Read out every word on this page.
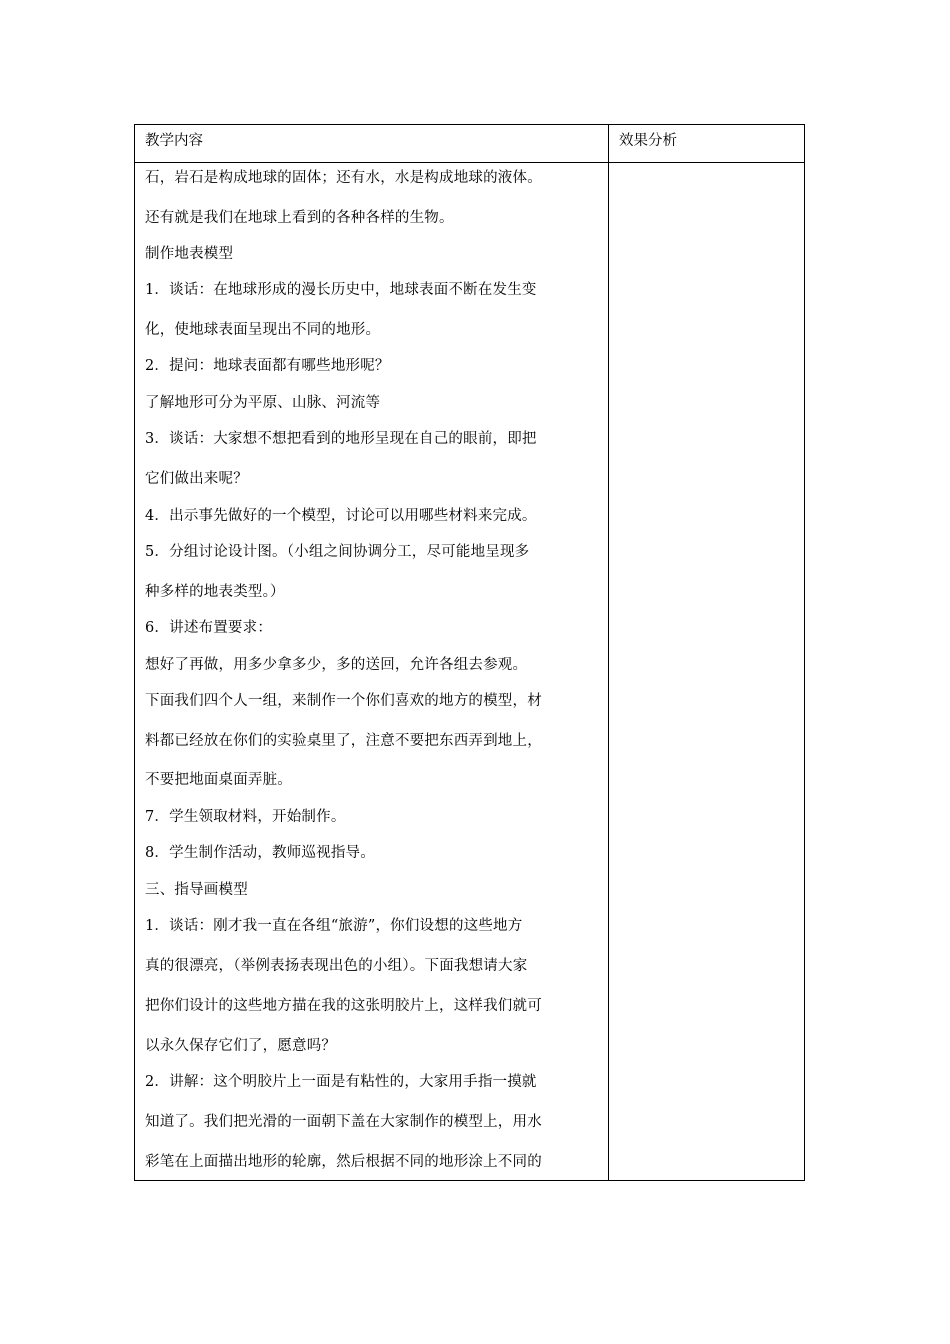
教学内容	效果分析
石，岩石是构成地球的固体；还有水，水是构成地球的液体。
还有就是我们在地球上看到的各种各样的生物。
制作地表模型
1．谈话：在地球形成的漫长历史中，地球表面不断在发生变
化，使地球表面呈现出不同的地形。
2．提问：地球表面都有哪些地形呢？
了解地形可分为平原、山脉、河流等
3．谈话：大家想不想把看到的地形呈现在自己的眼前，即把
它们做出来呢？
4．出示事先做好的一个模型，讨论可以用哪些材料来完成。
5．分组讨论设计图。（小组之间协调分工，尽可能地呈现多
种多样的地表类型。）
6．讲述布置要求：
想好了再做，用多少拿多少，多的送回，允许各组去参观。
下面我们四个人一组，来制作一个你们喜欢的地方的模型，材
料都已经放在你们的实验桌里了，注意不要把东西弄到地上，
不要把地面桌面弄脏。
7．学生领取材料，开始制作。
8．学生制作活动，教师巡视指导。
三、指导画模型
1．谈话：刚才我一直在各组“旅游”，你们设想的这些地方
真的很漂亮，（举例表扬表现出色的小组）。下面我想请大家
把你们设计的这些地方描在我的这张明胶片上，这样我们就可
以永久保存它们了，愿意吗？
2．讲解：这个明胶片上一面是有粘性的，大家用手指一摸就
知道了。我们把光滑的一面朝下盖在大家制作的模型上，用水
彩笔在上面描出地形的轮廓，然后根据不同的地形涂上不同的
